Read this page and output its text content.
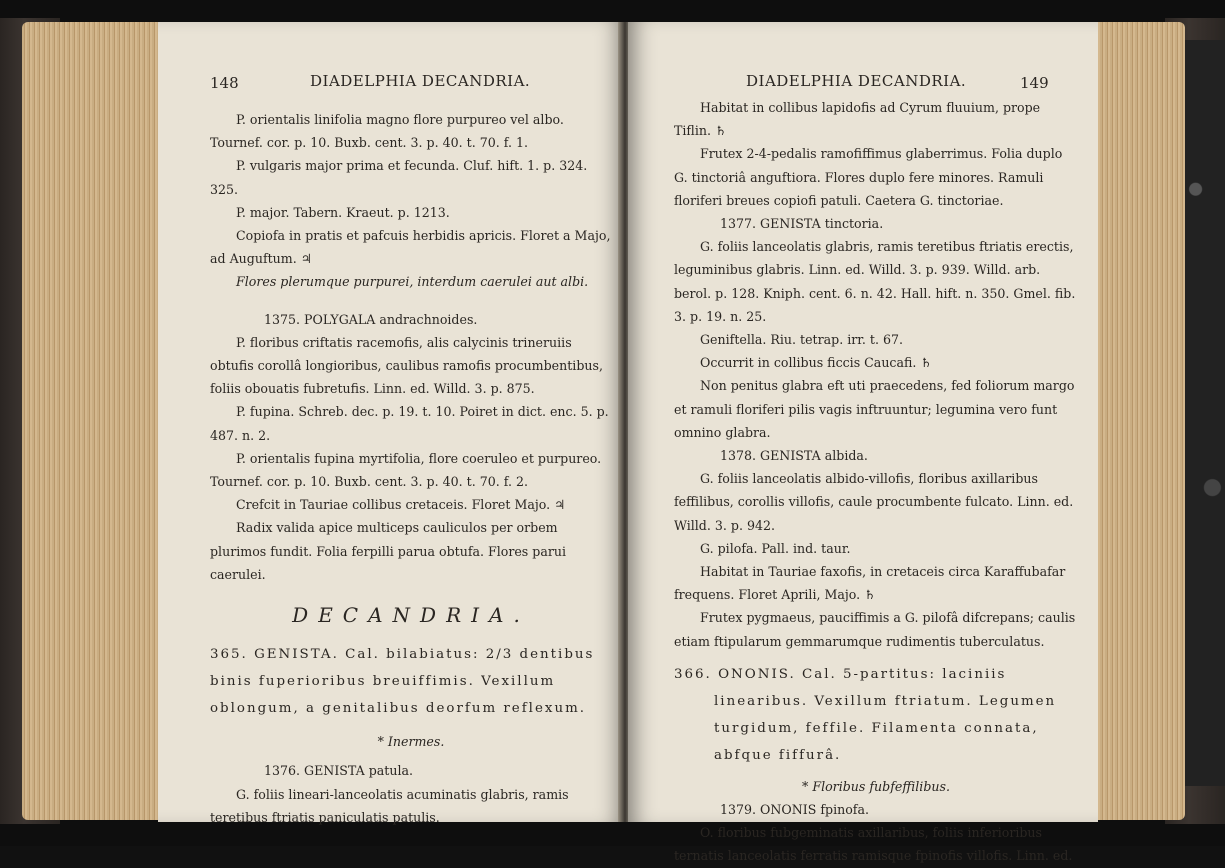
148	DIADELPHIA DECANDRIA.

P. orientalis linifolia magno flore purpureo vel albo. Tournef. cor. p. 10. Buxb. cent. 3. p. 40. t. 70. f. 1.

P. vulgaris major prima et fecunda. Cluf. hift. 1. p. 324. 325.

P. major. Tabern. Kraeut. p. 1213.

Copiofa in pratis et pafcuis herbidis apricis. Floret a Majo, ad Auguftum. ♃

Flores plerumque purpurei, interdum caerulei aut albi.

1375. POLYGALA andrachnoides.

P. floribus criftatis racemofis, alis calycinis trineruiis obtufis corollâ longioribus, caulibus ramofis procumbentibus, foliis obouatis fubretufis. Linn. ed. Willd. 3. p. 875.

P. fupina. Schreb. dec. p. 19. t. 10. Poiret in dict. enc. 5. p. 487. n. 2.

P. orientalis fupina myrtifolia, flore coeruleo et purpureo. Tournef. cor. p. 10. Buxb. cent. 3. p. 40. t. 70. f. 2.

Crefcit in Tauriae collibus cretaceis. Floret Majo. ♃

Radix valida apice multiceps cauliculos per orbem plurimos fundit. Folia ferpilli parua obtufa. Flores parui caerulei.

DECANDRIA.

365. GENISTA. Cal. bilabiatus: 2/3 dentibus binis fuperioribus breuiffimis. Vexillum oblongum, a genitalibus deorfum reflexum.

* Inermes.

1376. GENISTA patula.

G. foliis lineari-lanceolatis acuminatis glabris, ramis teretibus ftriatis paniculatis patulis.

DIADELPHIA DECANDRIA.	149

Habitat in collibus lapidofis ad Cyrum fluuium, prope Tiflin. ♄

Frutex 2-4-pedalis ramofiffimus glaberrimus. Folia duplo G. tinctoriâ anguftiora. Flores duplo fere minores. Ramuli floriferi breues copiofi patuli. Caetera G. tinctoriae.

1377. GENISTA tinctoria.

G. foliis lanceolatis glabris, ramis teretibus ftriatis erectis, leguminibus glabris. Linn. ed. Willd. 3. p. 939. Willd. arb. berol. p. 128. Kniph. cent. 6. n. 42. Hall. hift. n. 350. Gmel. fib. 3. p. 19. n. 25.

Geniftella. Riu. tetrap. irr. t. 67.

Occurrit in collibus ficcis Caucafi. ♄

Non penitus glabra eft uti praecedens, fed foliorum margo et ramuli floriferi pilis vagis inftruuntur; legumina vero funt omnino glabra.

1378. GENISTA albida.

G. foliis lanceolatis albido-villofis, floribus axillaribus feffilibus, corollis villofis, caule procumbente fulcato. Linn. ed. Willd. 3. p. 942.

G. pilofa. Pall. ind. taur.

Habitat in Tauriae faxofis, in cretaceis circa Karaffubafar frequens. Floret Aprili, Majo. ♄

Frutex pygmaeus, pauciffimis a G. pilofâ difcrepans; caulis etiam ftipularum gemmarumque rudimentis tuberculatus.

366. ONONIS. Cal. 5-partitus: laciniis linearibus. Vexillum ftriatum. Legumen turgidum, feffile. Filamenta connata, abfque fiffurâ.

* Floribus fubfeffilibus.

1379. ONONIS fpinofa.

O. floribus fubgeminatis axillaribus, foliis inferioribus ternatis lanceolatis ferratis ramisque fpinofis villofis. Linn. ed.
